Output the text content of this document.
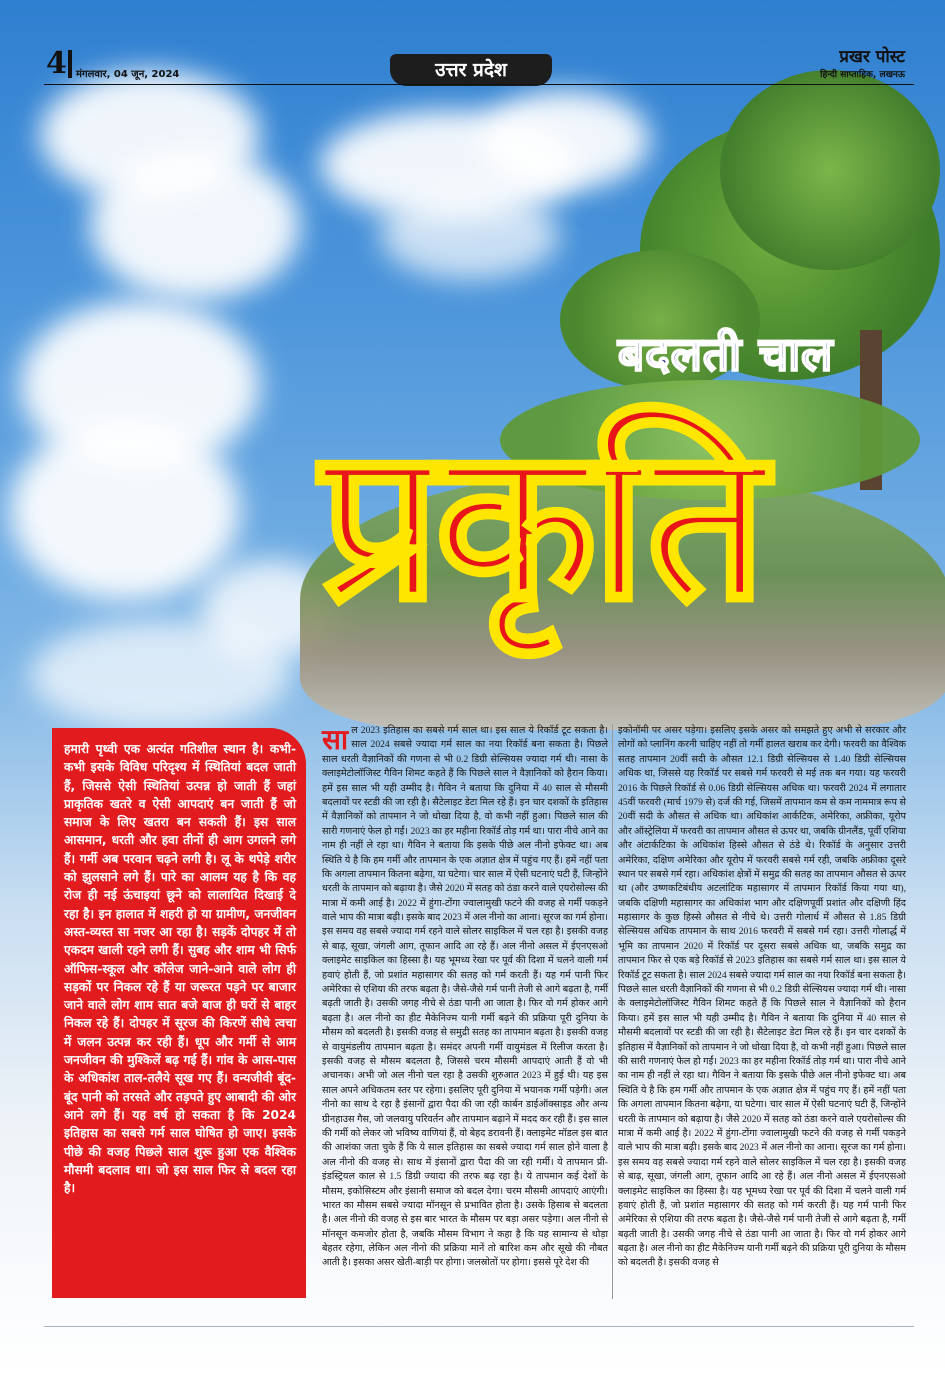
4 मंगलवार, 04 जून, 2024	उत्तर प्रदेश
प्रखर पोस्ट
हिन्दी साप्ताहिक, लखनऊ
बदलती चाल
प्रकृति

हमारी पृथ्वी एक अत्यंत गतिशील स्थान है। कभी-कभी इसके विविध परिदृश्य में स्थितियां बदल जाती हैं, जिससे ऐसी स्थितियां उत्पन्न हो जाती हैं जहां प्राकृतिक खतरे व ऐसी आपदाएं बन जाती हैं जो समाज के लिए खतरा बन सकती हैं। इस साल आसमान, धरती और हवा तीनों ही आग उगलने लगे हैं। गर्मी अब परवान चढ़ने लगी है। लू के थपेड़े शरीर को झुलसाने लगे हैं। पारे का आलम यह है कि वह रोज ही नई ऊंचाइयां छूने को लालायित दिखाई दे रहा है। इन हालात में शहरी हो या ग्रामीण, जनजीवन अस्त-व्यस्त सा नजर आ रहा है। सड़कें दोपहर में तो एकदम खाली रहने लगी हैं। सुबह और शाम भी सिर्फ ऑफिस-स्कूल और कॉलेज जाने-आने वाले लोग ही सड़कों पर निकल रहे हैं या जरूरत पड़ने पर बाजार जाने वाले लोग शाम सात बजे बाज ही घरों से बाहर निकल रहे हैं। दोपहर में सूरज की किरणें सीधे त्वचा में जलन उत्पन्न कर रही हैं। धूप और गर्मी से आम जनजीवन की मुश्किलें बढ़ गई हैं। गांव के आस-पास के अधिकांश ताल-तलैये सूख गए हैं। वन्यजीवी बूंद-बूंद पानी को तरसते और तड़पते हुए आबादी की ओर आने लगे हैं। यह वर्ष हो सकता है कि 2024 इतिहास का सबसे गर्म साल घोषित हो जाए। इसके पीछे की वजह पिछले साल शुरू हुआ एक वैश्विक मौसमी बदलाव था। जो इस साल फिर से बदल रहा है।

साल 2023 इतिहास का सबसे गर्म साल था। इस साल ये रिकॉर्ड टूट सकता है। साल 2024 सबसे ज्यादा गर्म साल का नया रिकॉर्ड बना सकता है। पिछले साल धरती वैज्ञानिकों की गणना से भी 0.2 डिग्री सेल्सियस ज्यादा गर्म थी। नासा के क्लाइमेटोलॉजिस्ट गैविन शिमट कहते हैं कि पिछले साल ने वैज्ञानिकों को हैरान किया। हमें इस साल भी यही उम्मीद है। गैविन ने बताया कि दुनिया में 40 साल से मौसमी बदलावों पर स्टडी की जा रही है। सैटेलाइट डेटा मिल रहे हैं। इन चार दशकों के इतिहास में वैज्ञानिकों को तापमान ने जो धोखा दिया है, वो कभी नहीं हुआ। पिछले साल की सारी गणनाएं फेल हो गईं। 2023 का हर महीना रिकॉर्ड तोड़ गर्म था। पारा नीचे आने का नाम ही नहीं ले रहा था। गैविन ने बताया कि इसके पीछे अल नीनो इफेक्ट था। अब स्थिति ये है कि हम गर्मी और तापमान के एक अज्ञात क्षेत्र में पहुंच गए हैं। हमें नहीं पता कि अगला तापमान कितना बढ़ेगा, या घटेगा। चार साल में ऐसी घटनाएं घटी हैं, जिन्होंने धरती के तापमान को बढ़ाया है। जैसे 2020 में सतह को ठंडा करने वाले एयरोसोल्स की मात्रा में कमी आई है। 2022 में हुंगा-टोंगा ज्वालामुखी फटने की वजह से गर्मी पकड़ने वाले भाप की मात्रा बढ़ी। इसके बाद 2023 में अल नीनो का आना। सूरज का गर्म होना। इस समय वह सबसे ज्यादा गर्म रहने वाले सोलर साइकिल में चल रहा है। इसकी वजह से बाढ़, सूखा, जंगली आग, तूफान आदि आ रहे हैं। अल नीनो असल में ईएनएसओ क्लाइमेट साइकिल का हिस्सा है। यह भूमध्य रेखा पर पूर्व की दिशा में चलने वाली गर्म हवाएं होती हैं, जो प्रशांत महासागर की सतह को गर्म करती हैं। यह गर्म पानी फिर अमेरिका से एशिया की तरफ बढ़ता है। जैसे-जैसे गर्म पानी तेजी से आगे बढ़ता है, गर्मी बढ़ती जाती है। उसकी जगह नीचे से ठंडा पानी आ जाता है। फिर वो गर्म होकर आगे बढ़ता है। अल नीनो का हीट मैकेनिज्म यानी गर्मी बढ़ने की प्रक्रिया पूरी दुनिया के मौसम को बदलती है। इसकी वजह से समुद्री सतह का तापमान बढ़ता है। इसकी वजह से वायुमंडलीय तापमान बढ़ता है। समंदर अपनी गर्मी वायुमंडल में रिलीज करता है। इसकी वजह से मौसम बदलता है, जिससे चरम मौसमी आपदाएं आती हैं वो भी अचानक। अभी जो अल नीनो चल रहा है उसकी शुरुआत 2023 में हुई थी। यह इस साल अपने अधिकतम स्तर पर रहेगा। इसलिए पूरी दुनिया में भयानक गर्मी पड़ेगी। अल नीनो का साथ दे रहा है इंसानों द्वारा पैदा की जा रही कार्बन डाईऑक्साइड और अन्य ग्रीनहाउस गैस, जो जलवायु परिवर्तन और तापमान बढ़ाने में मदद कर रही हैं। इस साल की गर्मी को लेकर जो भविष्य वाणियां हैं, वो बेहद डरावनी हैं। क्लाइमेट मॉडल इस बात की आशंका जता चुके हैं कि ये साल इतिहास का सबसे ज्यादा गर्म साल होने वाला है अल नीनो की वजह से। साथ में इंसानों द्वारा पैदा की जा रही गर्मी। ये तापमान प्री-इंडस्ट्रियल काल से 1.5 डिग्री ज्यादा की तरफ बढ़ रहा है। ये तापमान कई देशों के मौसम, इकोसिस्टम और इंसानी समाज को बदल देगा। चरम मौसमी आपदाएं आएंगी। भारत का मौसम सबसे ज्यादा मॉनसून से प्रभावित होता है। उसके हिसाब से बदलता है। अल नीनो की वजह से इस बार भारत के मौसम पर बड़ा असर पड़ेगा। अल नीनो से मॉनसून कमजोर होता है, जबकि मौसम विभाग ने कहा है कि यह सामान्य से थोड़ा बेहतर रहेगा, लेकिन अल नीनो की प्रक्रिया मानें तो बारिश कम और सूखे की नौबत आती है। इसका असर खेती-बाड़ी पर होगा। जलस्रोतों पर होगा। इससे पूरे देश की
इकोनॉमी पर असर पड़ेगा। इसलिए इसके असर को समझते हुए अभी से सरकार और लोगों को प्लानिंग करनी चाहिए नहीं तो गर्मी हालत खराब कर देगी। फरवरी का वैश्विक सतह तापमान 20वीं सदी के औसत 12.1 डिग्री सेल्सियस से 1.40 डिग्री सेल्सियस अधिक था, जिससे यह रिकॉर्ड पर सबसे गर्म फरवरी से मई तक बन गया। यह फरवरी 2016 के पिछले रिकॉर्ड से 0.06 डिग्री सेल्सियस अधिक था। फरवरी 2024 में लगातार 45वीं फरवरी (मार्च 1979 से) दर्ज की गई, जिसमें तापमान कम से कम नाममात्र रूप से 20वीं सदी के औसत से अधिक था। अधिकांश आर्कटिक, अमेरिका, अफ्रीका, यूरोप और ऑस्ट्रेलिया में फरवरी का तापमान औसत से ऊपर था, जबकि ग्रीनलैंड, पूर्वी एशिया और अंटार्कटिका के अधिकांश हिस्से औसत से ठंडे थे। रिकॉर्ड के अनुसार उत्तरी अमेरिका, दक्षिण अमेरिका और यूरोप में फरवरी सबसे गर्म रही, जबकि अफ्रीका दूसरे स्थान पर सबसे गर्म रहा। अधिकांश क्षेत्रों में समुद्र की सतह का तापमान औसत से ऊपर था (और उष्णकटिबंधीय अटलांटिक महासागर में तापमान रिकॉर्ड किया गया था), जबकि दक्षिणी महासागर का अधिकांश भाग और दक्षिणपूर्वी प्रशांत और दक्षिणी हिंद महासागर के कुछ हिस्से औसत से नीचे थे। उत्तरी गोलार्ध में औसत से 1.85 डिग्री सेल्सियस अधिक तापमान के साथ 2016 फरवरी में सबसे गर्म रहा। उत्तरी गोलार्द्ध में भूमि का तापमान 2020 में रिकॉर्ड पर दूसरा सबसे अधिक था, जबकि समुद्र का तापमान फिर से एक बड़े रिकॉर्ड से 2023 इतिहास का सबसे गर्म साल था। इस साल ये रिकॉर्ड टूट सकता है। साल 2024 सबसे ज्यादा गर्म साल का नया रिकॉर्ड बना सकता है। पिछले साल धरती वैज्ञानिकों की गणना से भी 0.2 डिग्री सेल्सियस ज्यादा गर्म थी। नासा के क्लाइमेटोलॉजिस्ट गैविन शिमट कहते हैं कि पिछले साल ने वैज्ञानिकों को हैरान किया। हमें इस साल भी यही उम्मीद है। गैविन ने बताया कि दुनिया में 40 साल से मौसमी बदलावों पर स्टडी की जा रही है। सैटेलाइट डेटा मिल रहे हैं। इन चार दशकों के इतिहास में वैज्ञानिकों को तापमान ने जो धोखा दिया है, वो कभी नहीं हुआ। पिछले साल की सारी गणनाएं फेल हो गईं। 2023 का हर महीना रिकॉर्ड तोड़ गर्म था। पारा नीचे आने का नाम ही नहीं ले रहा था। गैविन ने बताया कि इसके पीछे अल नीनो इफेक्ट था। अब स्थिति ये है कि हम गर्मी और तापमान के एक अज्ञात क्षेत्र में पहुंच गए हैं। हमें नहीं पता कि अगला तापमान कितना बढ़ेगा, या घटेगा। चार साल में ऐसी घटनाएं घटी हैं, जिन्होंने धरती के तापमान को बढ़ाया है। जैसे 2020 में सतह को ठंडा करने वाले एयरोसोल्स की मात्रा में कमी आई है। 2022 में हुंगा-टोंगा ज्वालामुखी फटने की वजह से गर्मी पकड़ने वाले भाप की मात्रा बढ़ी। इसके बाद 2023 में अल नीनो का आना। सूरज का गर्म होना। इस समय वह सबसे ज्यादा गर्म रहने वाले सोलर साइकिल में चल रहा है। इसकी वजह से बाढ़, सूखा, जंगली आग, तूफान आदि आ रहे हैं। अल नीनो असल में ईएनएसओ क्लाइमेट साइकिल का हिस्सा है। यह भूमध्य रेखा पर पूर्व की दिशा में चलने वाली गर्म हवाएं होती हैं, जो प्रशांत महासागर की सतह को गर्म करती हैं। यह गर्म पानी फिर अमेरिका से एशिया की तरफ बढ़ता है। जैसे-जैसे गर्म पानी तेजी से आगे बढ़ता है, गर्मी बढ़ती जाती है। उसकी जगह नीचे से ठंडा पानी आ जाता है। फिर वो गर्म होकर आगे बढ़ता है। अल नीनो का हीट मैकेनिज्म यानी गर्मी बढ़ने की प्रक्रिया पूरी दुनिया के मौसम को बदलती है। इसकी वजह से
